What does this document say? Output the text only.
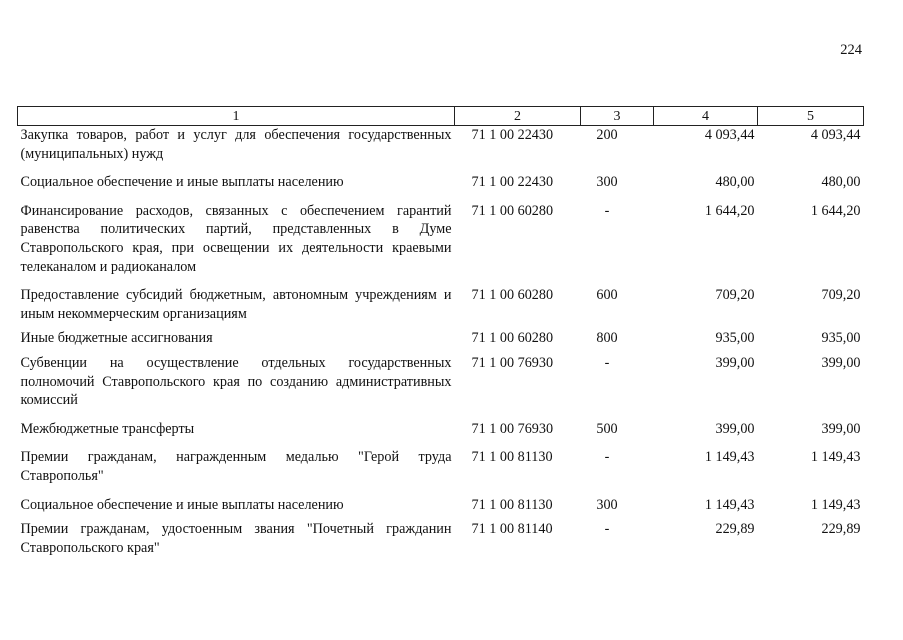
224
1	2	3	4	5
Закупка товаров, работ и услуг для обеспечения государственных (муниципальных) нужд	71 1 00 22430	200	4 093,44	4 093,44
Социальное обеспечение и иные выплаты населению	71 1 00 22430	300	480,00	480,00
Финансирование расходов, связанных с обеспечением гарантий равенства политических партий, представленных в Думе Ставропольского края, при освещении их деятельности краевыми телеканалом и радиоканалом	71 1 00 60280	-	1 644,20	1 644,20
Предоставление субсидий бюджетным, автономным учреждениям и иным некоммерческим организациям	71 1 00 60280	600	709,20	709,20
Иные бюджетные ассигнования	71 1 00 60280	800	935,00	935,00
Субвенции на осуществление отдельных государственных полномочий Ставропольского края по созданию административных комиссий	71 1 00 76930	-	399,00	399,00
Межбюджетные трансферты	71 1 00 76930	500	399,00	399,00
Премии гражданам, награжденным медалью "Герой труда Ставрополья"	71 1 00 81130	-	1 149,43	1 149,43
Социальное обеспечение и иные выплаты населению	71 1 00 81130	300	1 149,43	1 149,43
Премии гражданам, удостоенным звания "Почетный гражданин Ставропольского края"	71 1 00 81140	-	229,89	229,89
